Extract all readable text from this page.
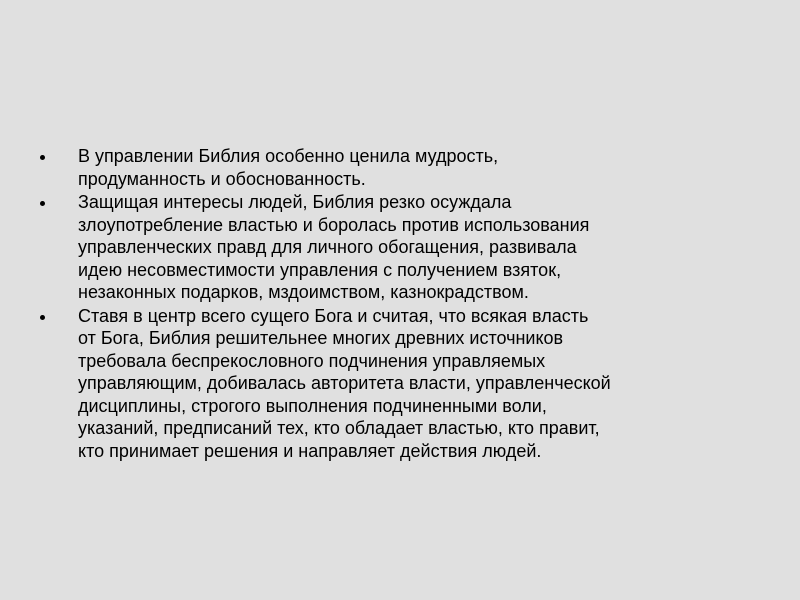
В управлении Библия особенно ценила мудрость,
продуманность и обоснованность.
Защищая интересы людей, Библия резко осуждала
злоупотребление властью и боролась против использования
управленческих правд для личного обогащения, развивала
идею несовместимости управления с получением взяток,
незаконных подарков, мздоимством, казнокрадством.
Ставя в центр всего сущего Бога и считая, что всякая власть
от Бога, Библия решительнее многих древних источников
требовала беспрекословного подчинения управляемых
управляющим, добивалась авторитета власти, управленческой
дисциплины, строгого выполнения подчиненными воли,
указаний, предписаний тех, кто обладает властью, кто правит,
кто принимает решения и направляет действия людей.
